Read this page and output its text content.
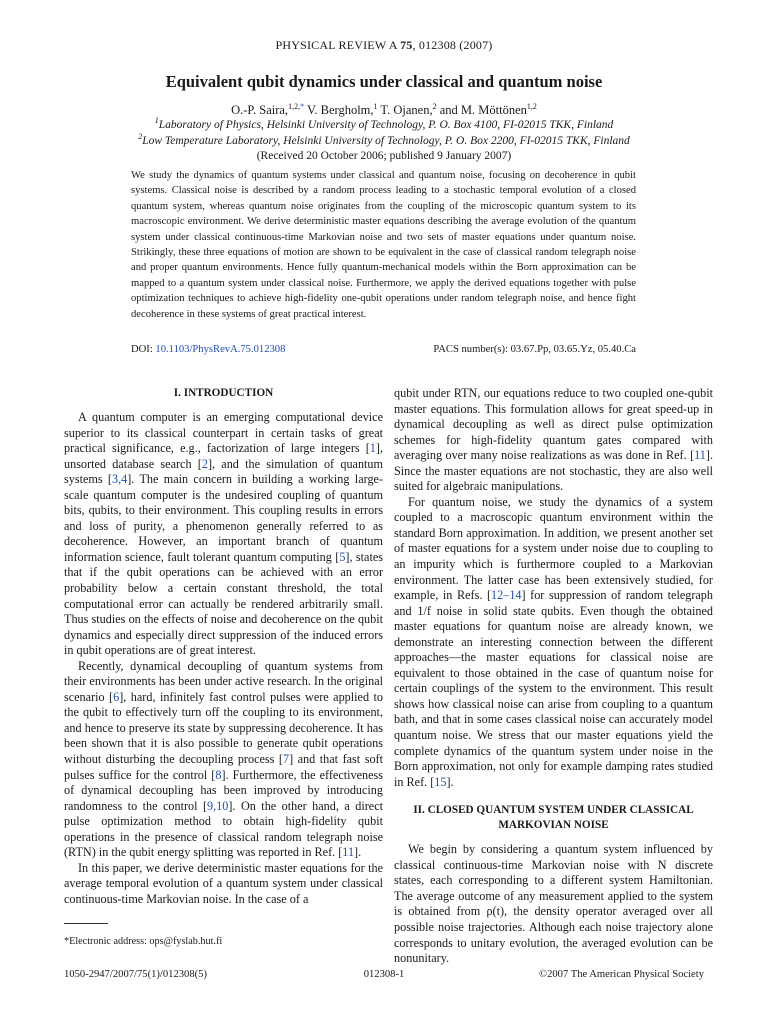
PHYSICAL REVIEW A 75, 012308 (2007)
Equivalent qubit dynamics under classical and quantum noise
O.-P. Saira,$^{1,2,*}$ V. Bergholm,$^1$ T. Ojanen,$^2$ and M. Möttönen$^{1,2}$
$^1$Laboratory of Physics, Helsinki University of Technology, P. O. Box 4100, FI-02015 TKK, Finland
$^2$Low Temperature Laboratory, Helsinki University of Technology, P. O. Box 2200, FI-02015 TKK, Finland
(Received 20 October 2006; published 9 January 2007)
We study the dynamics of quantum systems under classical and quantum noise, focusing on decoherence in qubit systems. Classical noise is described by a random process leading to a stochastic temporal evolution of a closed quantum system, whereas quantum noise originates from the coupling of the microscopic quantum system to its macroscopic environment. We derive deterministic master equations describing the average evolution of the quantum system under classical continuous-time Markovian noise and two sets of master equations under quantum noise. Strikingly, these three equations of motion are shown to be equivalent in the case of classical random telegraph noise and proper quantum environments. Hence fully quantum-mechanical models within the Born approximation can be mapped to a quantum system under classical noise. Furthermore, we apply the derived equations together with pulse optimization techniques to achieve high-fidelity one-qubit operations under random telegraph noise, and hence fight decoherence in these systems of great practical interest.
DOI: 10.1103/PhysRevA.75.012308	PACS number(s): 03.67.Pp, 03.65.Yz, 05.40.Ca
I. INTRODUCTION

A quantum computer is an emerging computational device superior to its classical counterpart in certain tasks of great practical significance, e.g., factorization of large integers [1], unsorted database search [2], and the simulation of quantum systems [3,4]. The main concern in building a working large-scale quantum computer is the undesired coupling of quantum bits, qubits, to their environment. This coupling results in errors and loss of purity, a phenomenon generally referred to as decoherence. However, an important branch of quantum information science, fault tolerant quantum computing [5], states that if the qubit operations can be achieved with an error probability below a certain constant threshold, the total computational error can actually be rendered arbitrarily small. Thus studies on the effects of noise and decoherence on the qubit dynamics and especially direct suppression of the induced errors in qubit operations are of great interest.

Recently, dynamical decoupling of quantum systems from their environments has been under active research. In the original scenario [6], hard, infinitely fast control pulses were applied to the qubit to effectively turn off the coupling to its environment, and hence to preserve its state by suppressing decoherence. It has been shown that it is also possible to generate qubit operations without disturbing the decoupling process [7] and that fast soft pulses suffice for the control [8]. Furthermore, the effectiveness of dynamical decoupling has been improved by introducing randomness to the control [9,10]. On the other hand, a direct pulse optimization method to obtain high-fidelity qubit operations in the presence of classical random telegraph noise (RTN) in the qubit energy splitting was reported in Ref. [11].

In this paper, we derive deterministic master equations for the average temporal evolution of a quantum system under classical continuous-time Markovian noise. In the case of a

qubit under RTN, our equations reduce to two coupled one-qubit master equations. This formulation allows for great speed-up in dynamical decoupling as well as direct pulse optimization schemes for high-fidelity quantum gates compared with averaging over many noise realizations as was done in Ref. [11]. Since the master equations are not stochastic, they are also well suited for algebraic manipulations.

For quantum noise, we study the dynamics of a system coupled to a macroscopic quantum environment within the standard Born approximation. In addition, we present another set of master equations for a system under noise due to coupling to an impurity which is furthermore coupled to a Markovian environment. The latter case has been extensively studied, for example, in Refs. [12–14] for suppression of random telegraph and 1/f noise in solid state qubits. Even though the obtained master equations for quantum noise are already known, we demonstrate an interesting connection between the different approaches—the master equations for classical noise are equivalent to those obtained in the case of quantum noise for certain couplings of the system to the environment. This result shows how classical noise can arise from coupling to a quantum bath, and that in some cases classical noise can accurately model quantum noise. We stress that our master equations yield the complete dynamics of the quantum system under noise in the Born approximation, not only for example damping rates studied in Ref. [15].

II. CLOSED QUANTUM SYSTEM UNDER CLASSICAL
MARKOVIAN NOISE

We begin by considering a quantum system influenced by classical continuous-time Markovian noise with N discrete states, each corresponding to a different system Hamiltonian. The average outcome of any measurement applied to the system is obtained from ρ(t), the density operator averaged over all possible noise trajectories. Although each noise trajectory alone corresponds to unitary evolution, the averaged evolution can be nonunitary.

*Electronic address: ops@fyslab.hut.fi
1050-2947/2007/75(1)/012308(5)	012308-1	©2007 The American Physical Society
